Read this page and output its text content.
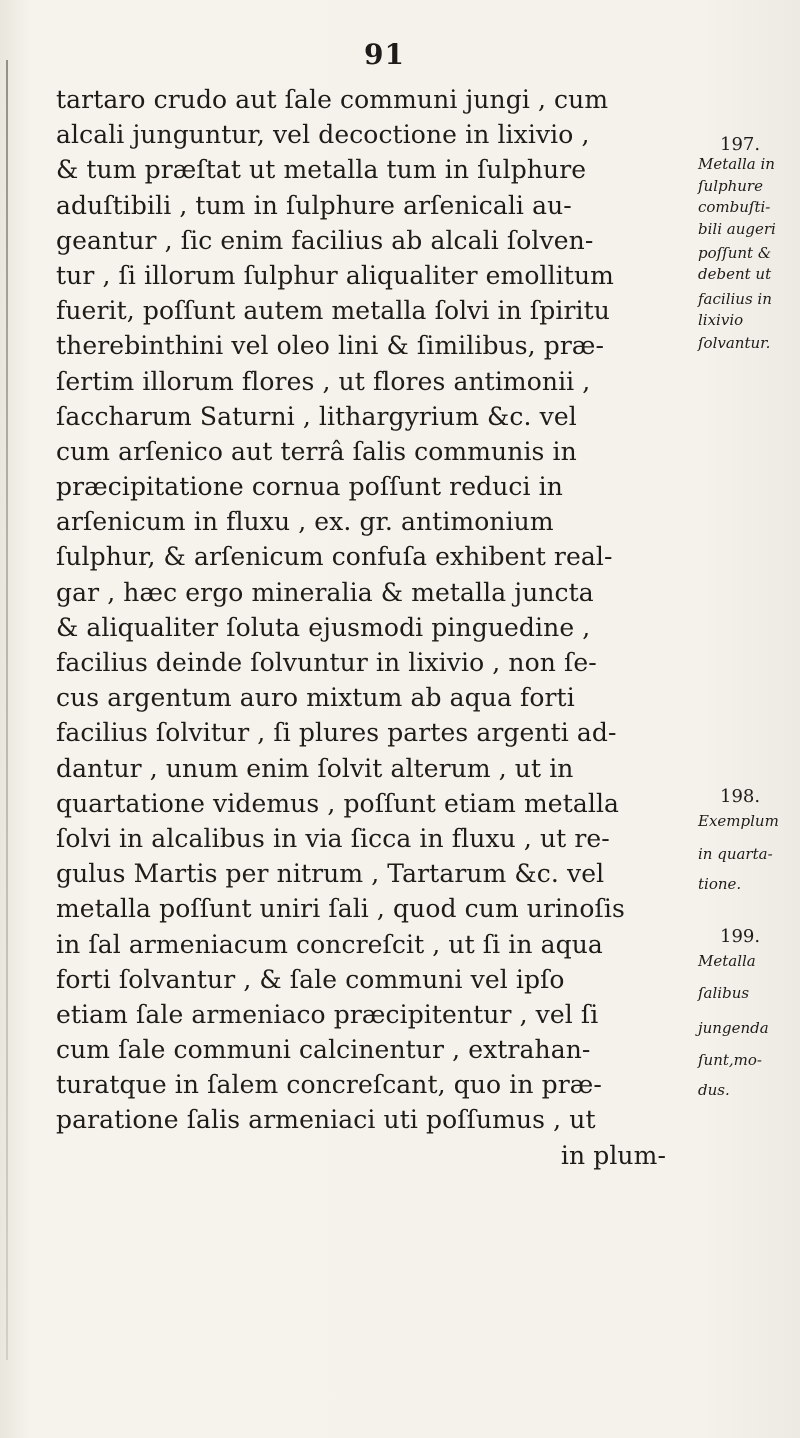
91
tartaro crudo aut ſale communi jungi , cum
alcali junguntur, vel decoctione in lixivio ,
& tum præſtat ut metalla tum in ſulphure
aduſtibili , tum in ſulphure arſenicali au-
geantur , ſic enim facilius ab alcali ſolven-
tur , ſi illorum ſulphur aliqualiter emollitum
fuerit, poſſunt autem metalla ſolvi in ſpiritu
therebinthini vel oleo lini & ſimilibus, præ-
ſertim illorum flores , ut flores antimonii ,
ſaccharum Saturni , lithargyrium &c. vel
cum arſenico aut terrâ ſalis communis in
præcipitatione cornua poſſunt reduci in
arſenicum in fluxu , ex. gr. antimonium
ſulphur, & arſenicum confuſa exhibent real-
gar , hæc ergo mineralia & metalla juncta
& aliqualiter ſoluta ejusmodi pinguedine ,
facilius deinde ſolvuntur in lixivio , non ſe-
cus argentum auro mixtum ab aqua forti
facilius ſolvitur , ſi plures partes argenti ad-
dantur , unum enim ſolvit alterum , ut in
quartatione videmus , poſſunt etiam metalla
ſolvi in alcalibus in via ſicca in fluxu , ut re-
gulus Martis per nitrum , Tartarum &c. vel
metalla poſſunt uniri ſali , quod cum urinoſis
in ſal armeniacum concreſcit , ut ſi in aqua
forti ſolvantur , & ſale communi vel ipſo
etiam ſale armeniaco præcipitentur , vel ſi
cum ſale communi calcinentur , extrahan-
turatque in ſalem concreſcant, quo in præ-
paratione ſalis armeniaci uti poſſumus , ut
in plum-
197.
Metalla in
ſulphure
combuſti-
bili augeri
poſſunt &
debent ut
facilius in
lixivio
ſolvantur.
198.
Exemplum
in quarta-
tione.
199.
Metalla
ſalibus
jungenda
ſunt,mo-
dus.
